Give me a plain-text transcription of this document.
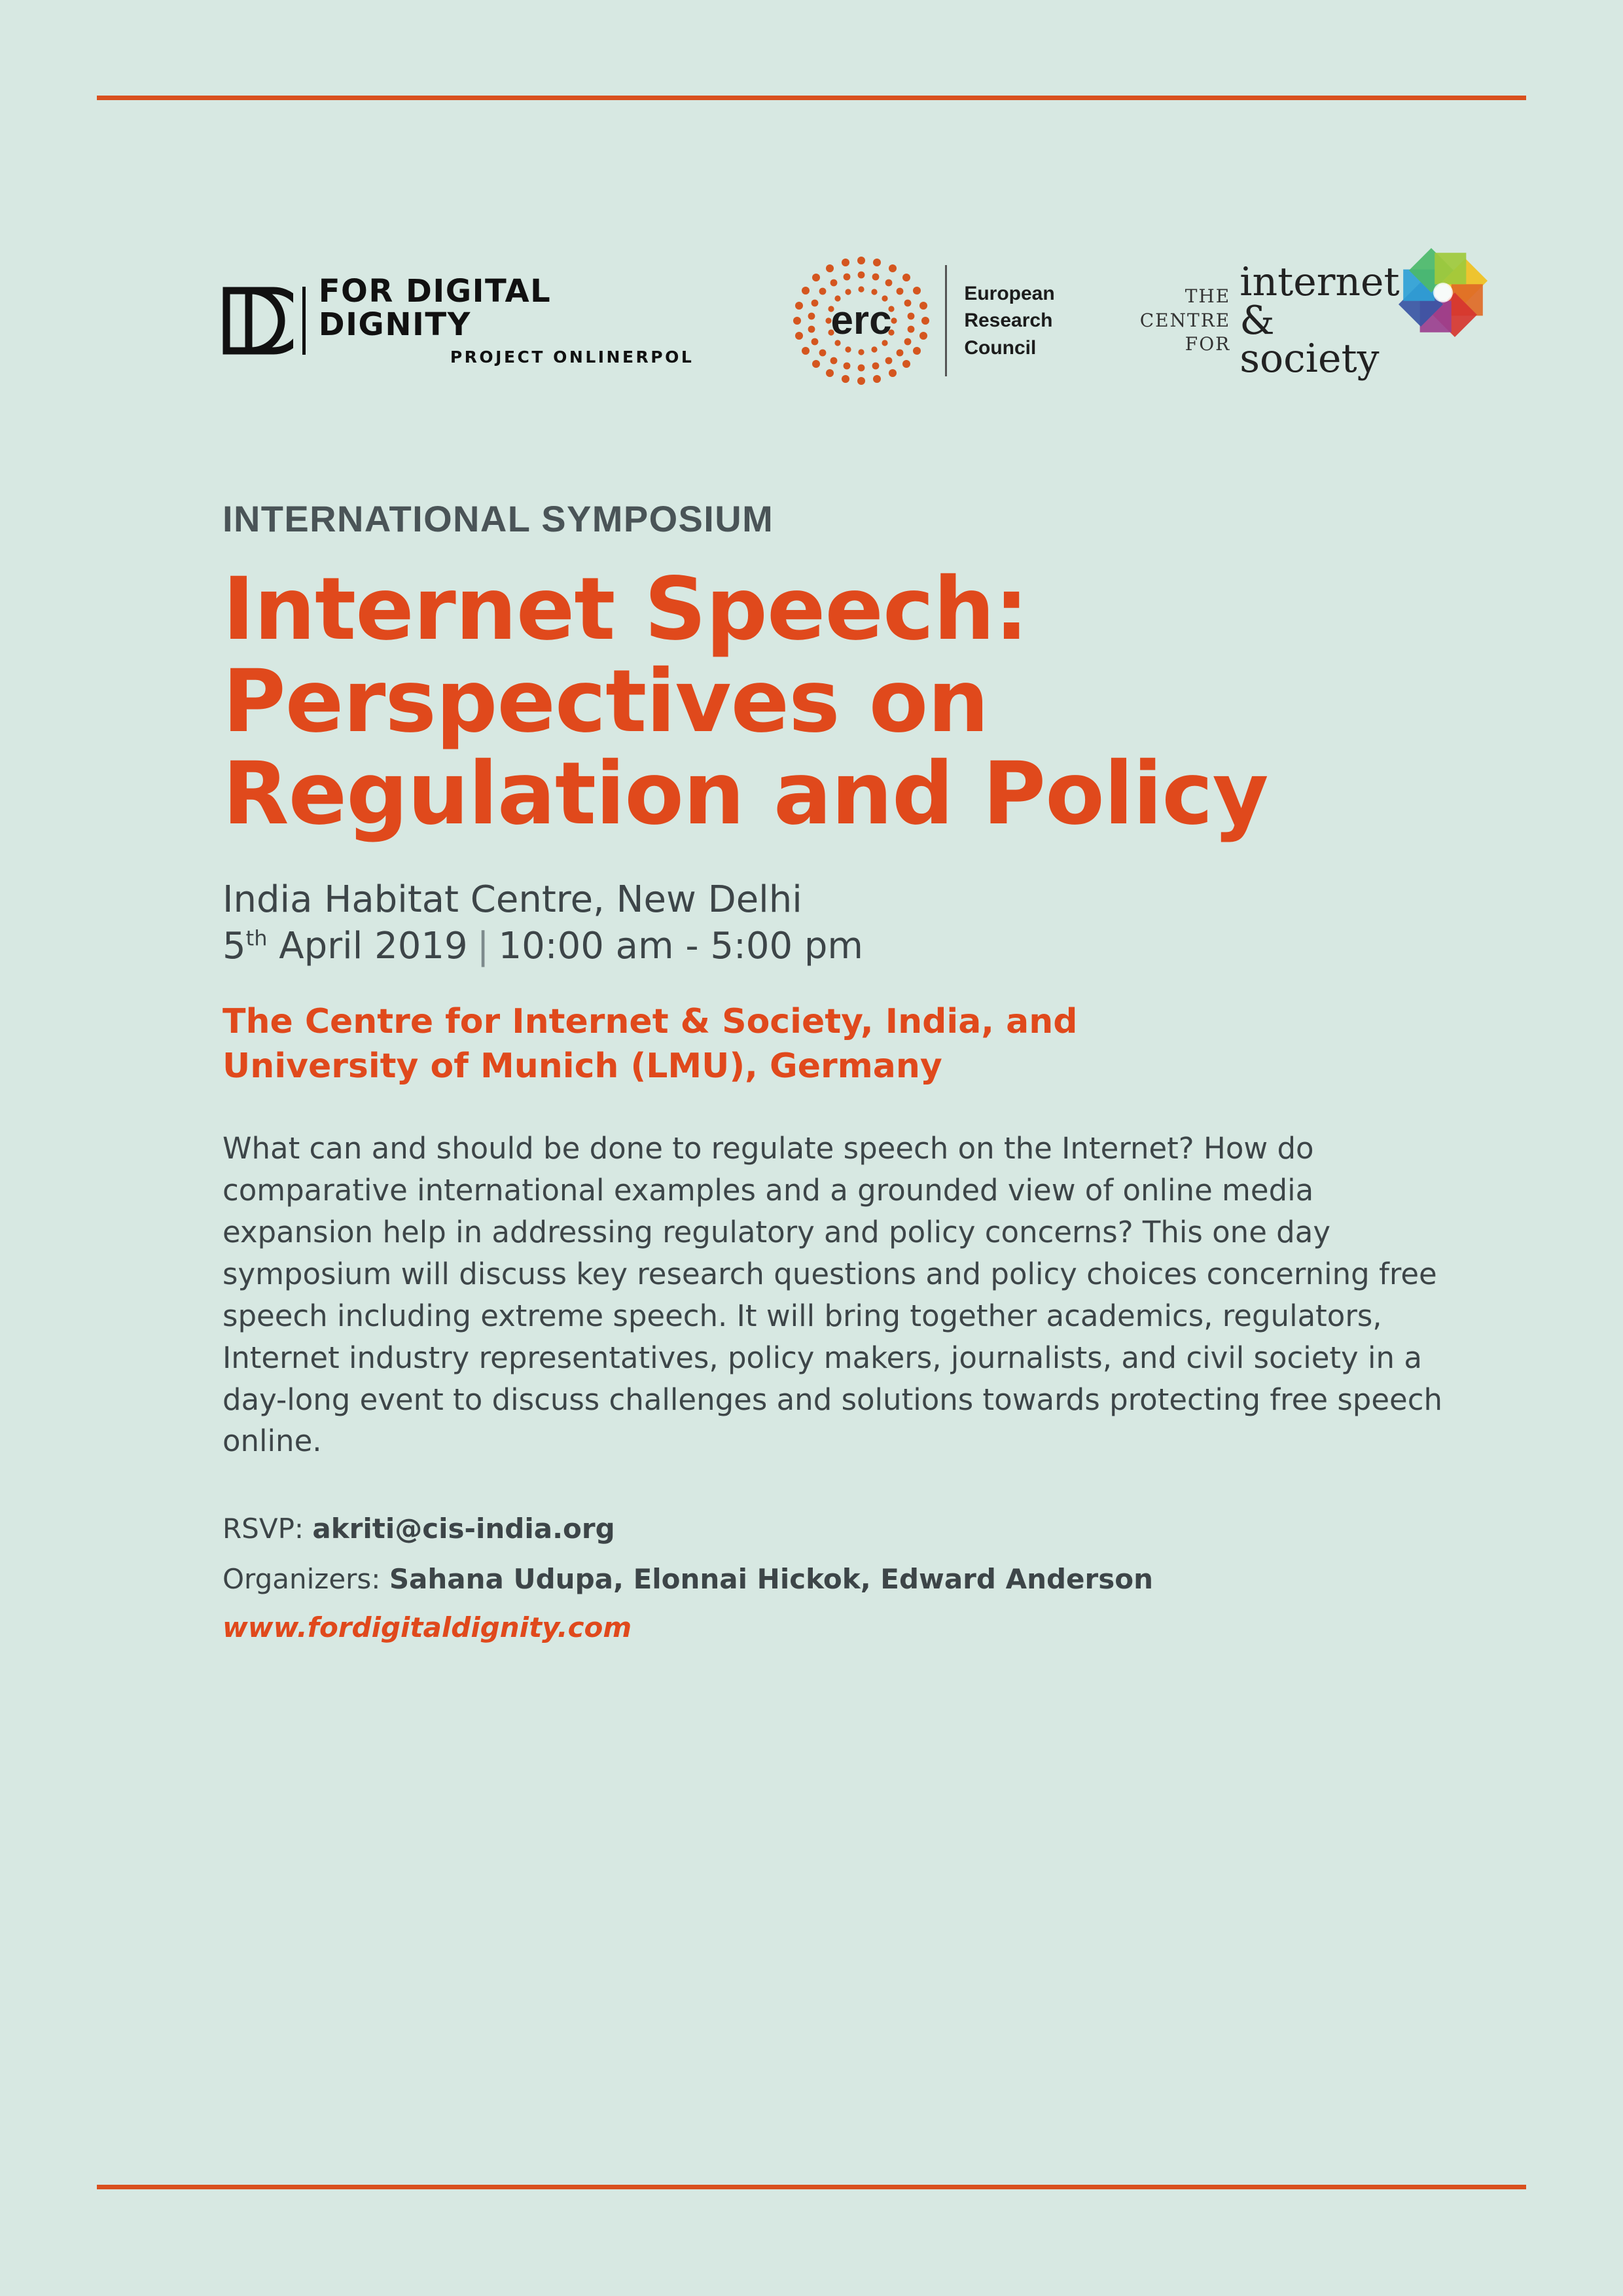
FOR DIGITAL DIGNITY
PROJECT ONLINERPOL
erc
European
Research
Council
THE
CENTRE
FOR
internet
& society
INTERNATIONAL SYMPOSIUM
Internet Speech:
Perspectives on
Regulation and Policy
India Habitat Centre, New Delhi
5th April 2019 | 10:00 am - 5:00 pm
The Centre for Internet & Society, India, and
University of Munich (LMU), Germany

What can and should be done to regulate speech on the Internet? How do comparative international examples and a grounded view of online media expansion help in addressing regulatory and policy concerns? This one day symposium will discuss key research questions and policy choices concerning free speech including extreme speech. It will bring together academics, regulators, Internet industry representatives, policy makers, journalists, and civil society in a day-long event to discuss challenges and solutions towards protecting free speech online.

RSVP: akriti@cis-india.org
Organizers: Sahana Udupa, Elonnai Hickok, Edward Anderson
www.fordigitaldignity.com
